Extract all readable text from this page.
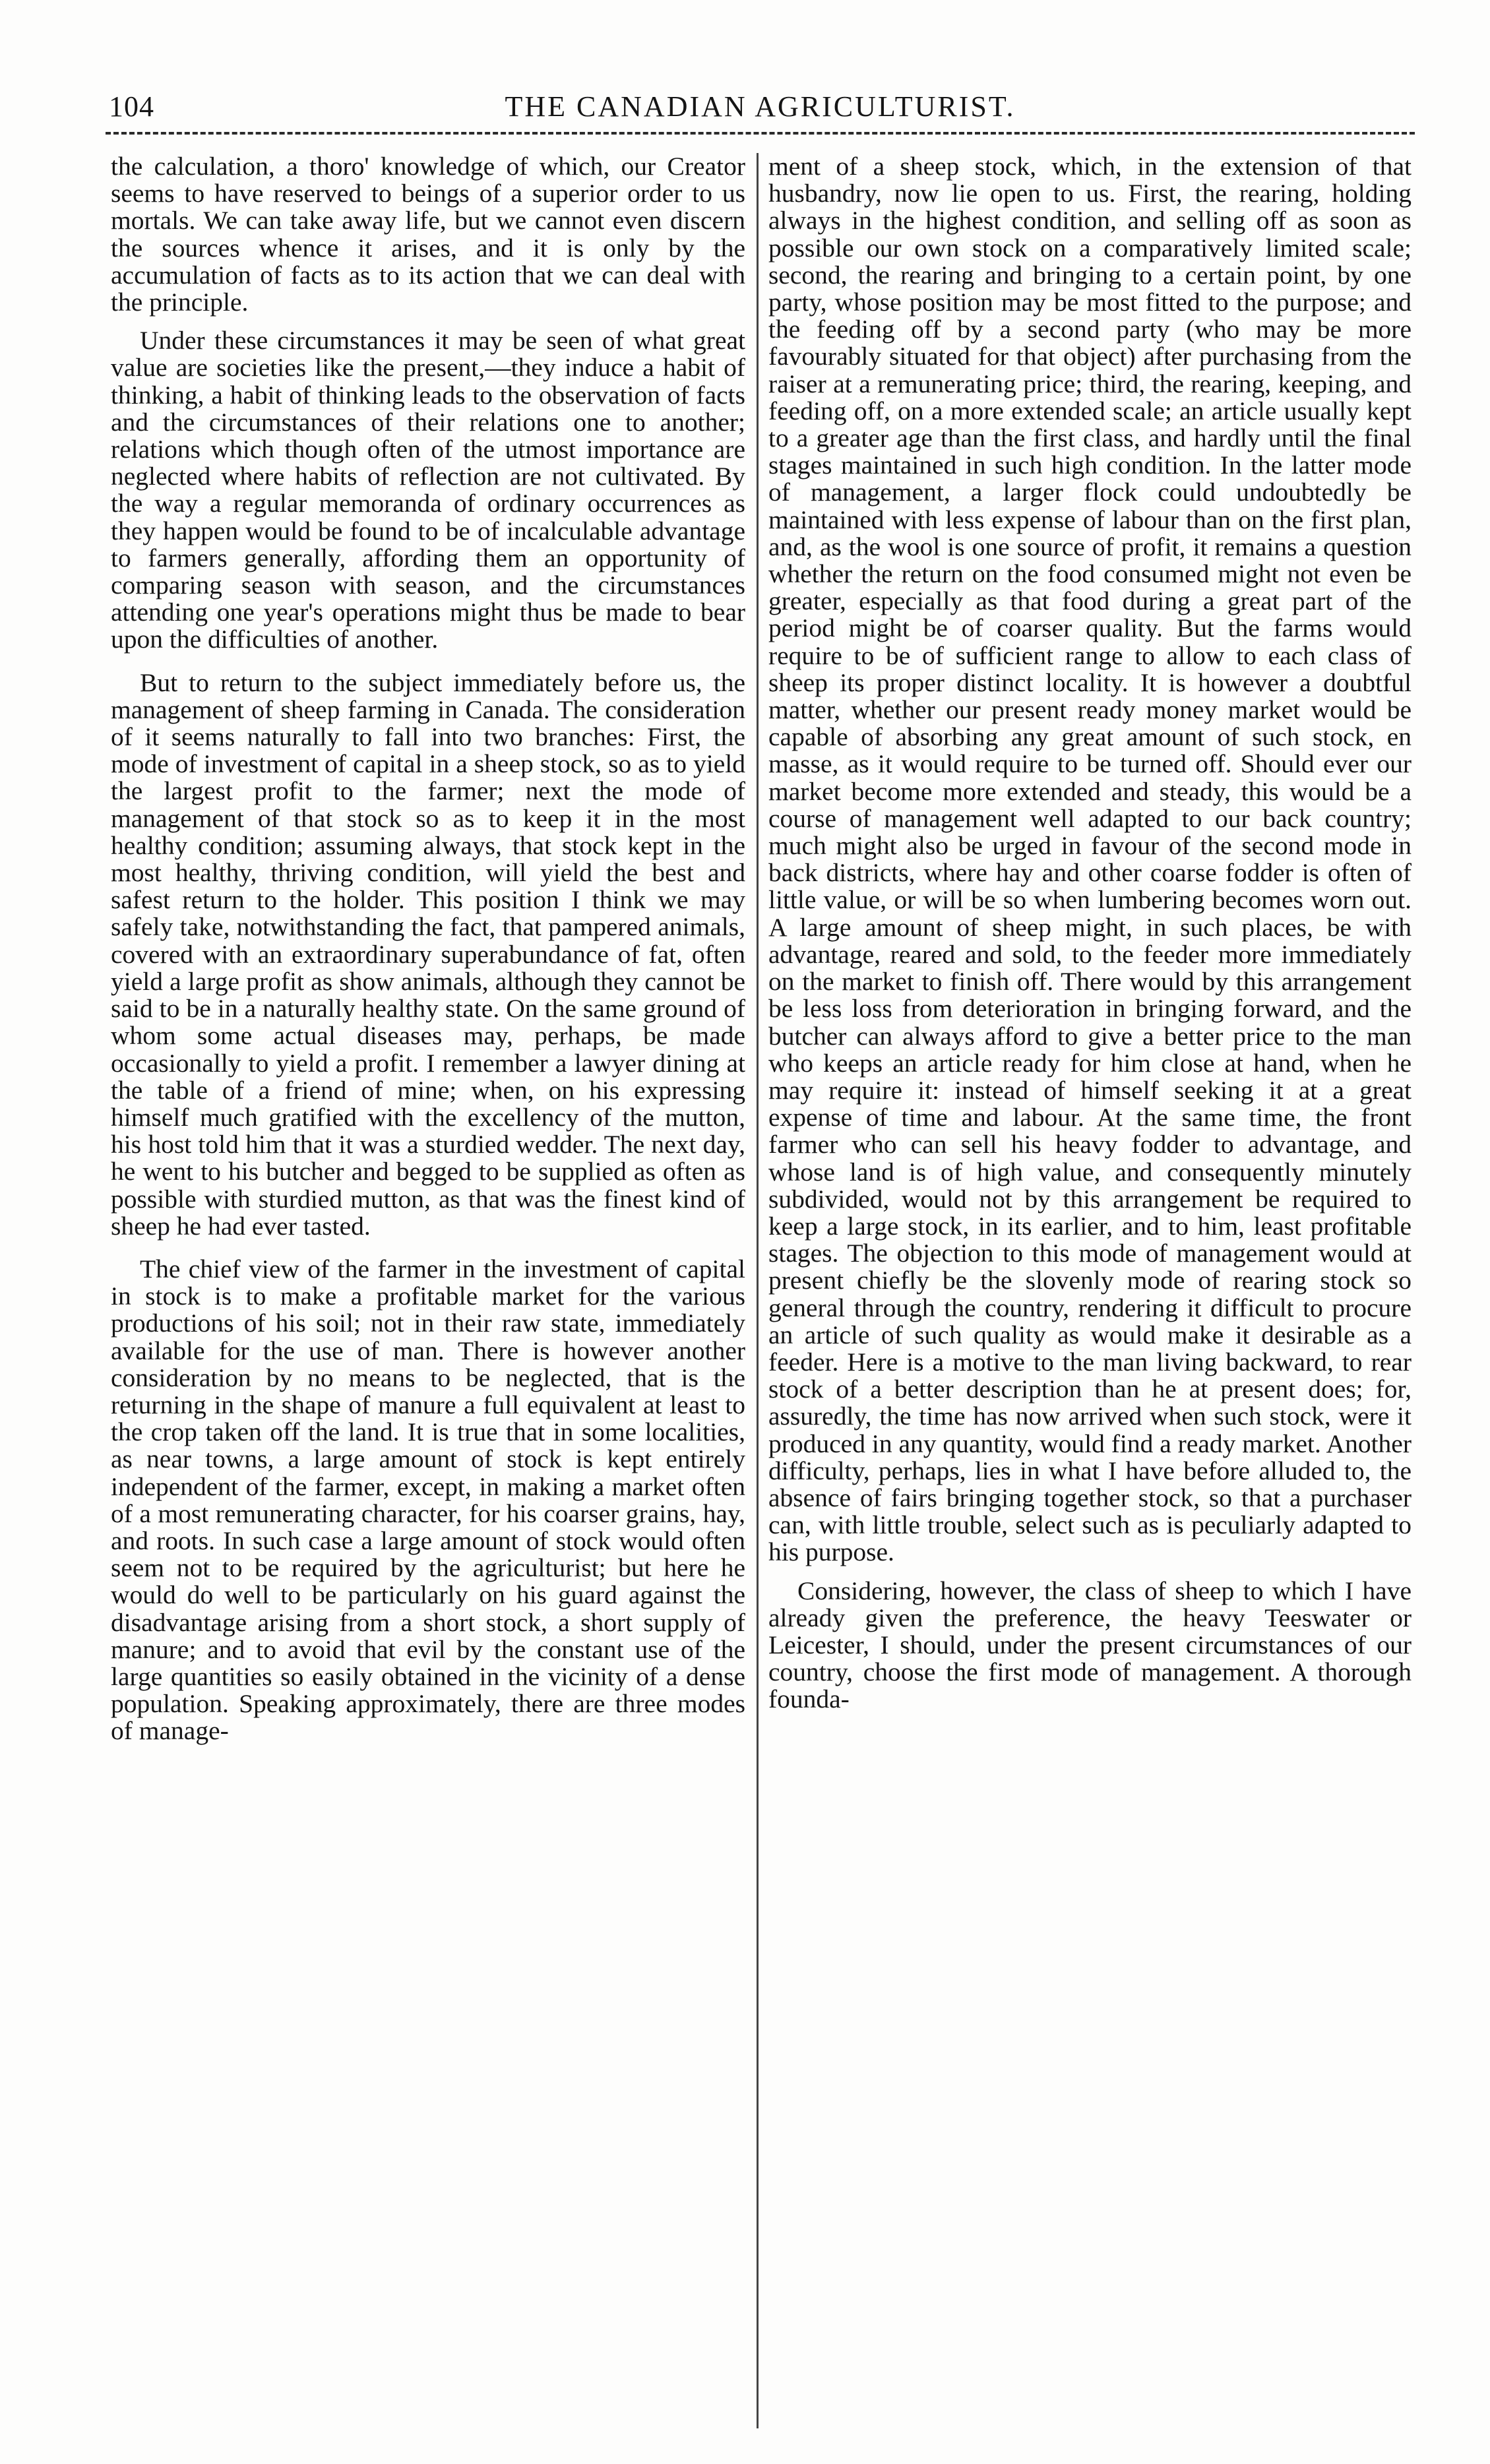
104	THE CANADIAN AGRICULTURIST.

the calculation, a thoro' knowledge of which, our Creator seems to have reserved to beings of a superior order to us mortals. We can take away life, but we cannot even discern the sources whence it arises, and it is only by the accumulation of facts as to its action that we can deal with the principle.

Under these circumstances it may be seen of what great value are societies like the present,—they induce a habit of thinking, a habit of thinking leads to the observation of facts and the circumstances of their relations one to another; relations which though often of the utmost importance are neglected where habits of reflection are not cultivated. By the way a regular memoranda of ordinary occurrences as they happen would be found to be of incalculable advantage to farmers generally, affording them an opportunity of comparing season with season, and the circumstances attending one year's operations might thus be made to bear upon the difficulties of another.

But to return to the subject immediately before us, the management of sheep farming in Canada. The consideration of it seems naturally to fall into two branches: First, the mode of investment of capital in a sheep stock, so as to yield the largest profit to the farmer; next the mode of management of that stock so as to keep it in the most healthy condition; assuming always, that stock kept in the most healthy, thriving condition, will yield the best and safest return to the holder. This position I think we may safely take, notwithstanding the fact, that pampered animals, covered with an extraordinary superabundance of fat, often yield a large profit as show animals, although they cannot be said to be in a naturally healthy state. On the same ground of whom some actual diseases may, perhaps, be made occasionally to yield a profit. I remember a lawyer dining at the table of a friend of mine; when, on his expressing himself much gratified with the excellency of the mutton, his host told him that it was a sturdied wedder. The next day, he went to his butcher and begged to be supplied as often as possible with sturdied mutton, as that was the finest kind of sheep he had ever tasted.

The chief view of the farmer in the investment of capital in stock is to make a profitable market for the various productions of his soil; not in their raw state, immediately available for the use of man. There is however another consideration by no means to be neglected, that is the returning in the shape of manure a full equivalent at least to the crop taken off the land. It is true that in some localities, as near towns, a large amount of stock is kept entirely independent of the farmer, except, in making a market often of a most remunerating character, for his coarser grains, hay, and roots. In such case a large amount of stock would often seem not to be required by the agriculturist; but here he would do well to be particularly on his guard against the disadvantage arising from a short stock, a short supply of manure; and to avoid that evil by the constant use of the large quantities so easily obtained in the vicinity of a dense population. Speaking approximately, there are three modes of manage-

ment of a sheep stock, which, in the extension of that husbandry, now lie open to us. First, the rearing, holding always in the highest condition, and selling off as soon as possible our own stock on a comparatively limited scale; second, the rearing and bringing to a certain point, by one party, whose position may be most fitted to the purpose; and the feeding off by a second party (who may be more favourably situated for that object) after purchasing from the raiser at a remunerating price; third, the rearing, keeping, and feeding off, on a more extended scale; an article usually kept to a greater age than the first class, and hardly until the final stages maintained in such high condition. In the latter mode of management, a larger flock could undoubtedly be maintained with less expense of labour than on the first plan, and, as the wool is one source of profit, it remains a question whether the return on the food consumed might not even be greater, especially as that food during a great part of the period might be of coarser quality. But the farms would require to be of sufficient range to allow to each class of sheep its proper distinct locality. It is however a doubtful matter, whether our present ready money market would be capable of absorbing any great amount of such stock, en masse, as it would require to be turned off. Should ever our market become more extended and steady, this would be a course of management well adapted to our back country; much might also be urged in favour of the second mode in back districts, where hay and other coarse fodder is often of little value, or will be so when lumbering becomes worn out. A large amount of sheep might, in such places, be with advantage, reared and sold, to the feeder more immediately on the market to finish off. There would by this arrangement be less loss from deterioration in bringing forward, and the butcher can always afford to give a better price to the man who keeps an article ready for him close at hand, when he may require it: instead of himself seeking it at a great expense of time and labour. At the same time, the front farmer who can sell his heavy fodder to advantage, and whose land is of high value, and consequently minutely subdivided, would not by this arrangement be required to keep a large stock, in its earlier, and to him, least profitable stages. The objection to this mode of management would at present chiefly be the slovenly mode of rearing stock so general through the country, rendering it difficult to procure an article of such quality as would make it desirable as a feeder. Here is a motive to the man living backward, to rear stock of a better description than he at present does; for, assuredly, the time has now arrived when such stock, were it produced in any quantity, would find a ready market. Another difficulty, perhaps, lies in what I have before alluded to, the absence of fairs bringing together stock, so that a purchaser can, with little trouble, select such as is peculiarly adapted to his purpose.

Considering, however, the class of sheep to which I have already given the preference, the heavy Teeswater or Leicester, I should, under the present circumstances of our country, choose the first mode of management. A thorough founda-
